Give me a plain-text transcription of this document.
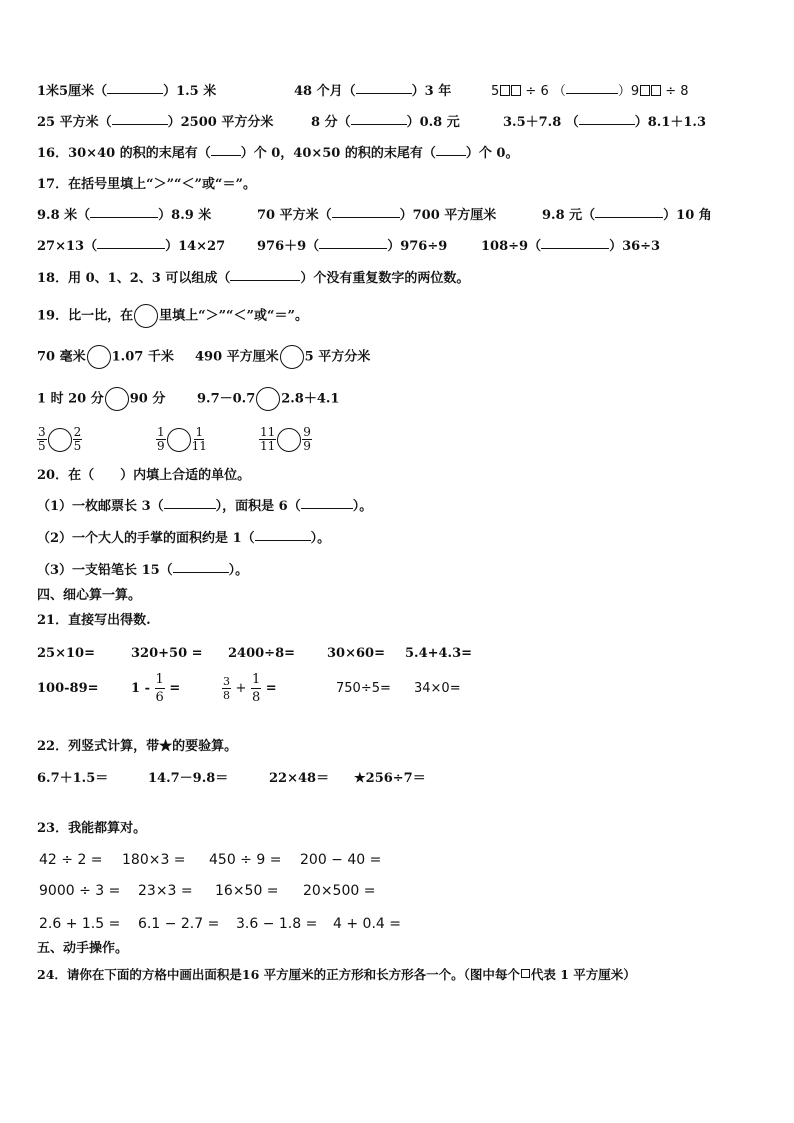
1米5厘米（	）1.5 米	48 个月（	）3 年	5 ÷ 6 （	）9 ÷ 8
25 平方米（	）2500 平方分米	8 分（	）0.8 元	3.5＋7.8 （	）8.1＋1.3
16．30×40 的积的末尾有（ ）个 0，40×50 的积的末尾有（ ）个 0。
17．在括号里填上“＞”“＜”或“＝”。
9.8 米（	）8.9 米	70 平方米（	）700 平方厘米	9.8 元（	）10 角
27×13（	）14×27 976＋9（	）976÷9	108÷9（	）36÷3
18．用 0、1、2、3 可以组成（	）个没有重复数字的两位数。
19．比一比，在 里填上“＞”“＜”或“＝”。
70 毫米 1.07 千米 490 平方厘米 5 平方分米
1 时 20 分 90 分 9.7－0.7 2.8＋4.1
$\frac{3}{5} \frac{2}{5}$	$\frac{1}{9} \frac{1}{11}$	$\frac{11}{11} \frac{9}{9}$
20．在（ ）内填上合适的单位。
（1）一枚邮票长 3（	），面积是 6（	）。
（2）一个大人的手掌的面积约是 1（	）。
（3）一支铅笔长 15（	）。
四、细心算一算。
21．直接写出得数.
25×10=	320+50 = 2400÷8= 30×60= 5.4+4.3=
$100-89= 1 - \frac{1}{6}$ =	$\frac{3}{8} + \frac{1}{8}$ =	750÷5= 34×0=
22．列竖式计算，带★的要验算。
6.7＋1.5＝	14.7－9.8＝	22×48＝ ★256÷7＝
23．我能都算对。
42 ÷ 2 = 180×3 = 450 ÷ 9 = 200 − 40 =
9000 ÷ 3 = 23×3 = 16×50 = 20×500 =
2.6 + 1.5 = 6.1 − 2.7 = 3.6 − 1.8 = 4 + 0.4 =
五、动手操作。
24．请你在下面的方格中画出面积是16 平方厘米的正方形和长方形各一个。（图中每个 代表 1 平方厘米）
